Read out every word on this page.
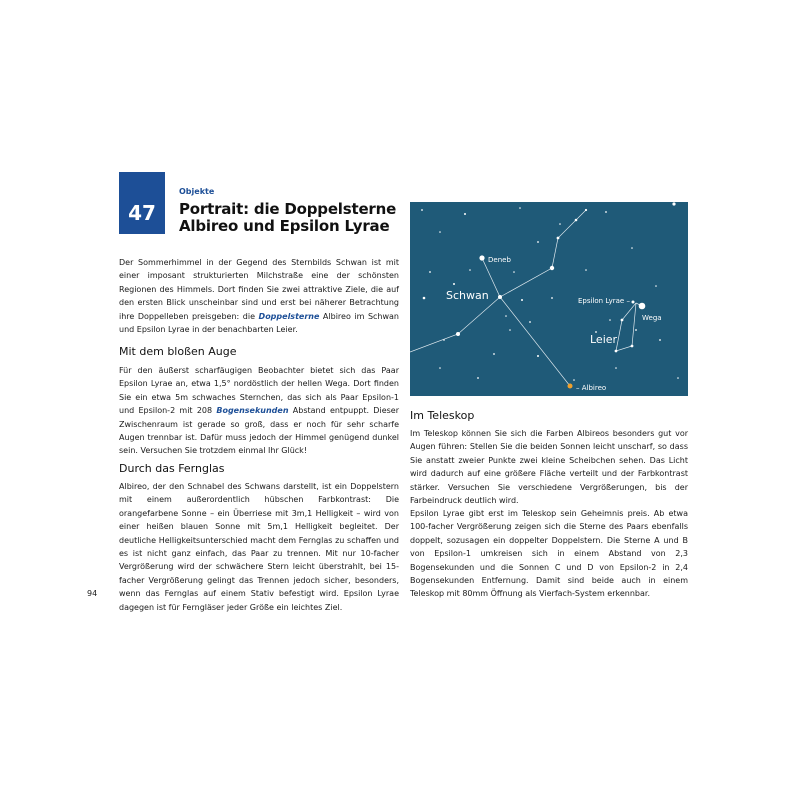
47
Objekte
Portrait: die Doppelsterne
Albireo und Epsilon Lyrae

Der Sommerhimmel in der Gegend des Sternbilds Schwan ist mit einer imposant strukturierten Milchstraße eine der schönsten Regionen des Himmels. Dort finden Sie zwei attraktive Ziele, die auf den ersten Blick unscheinbar sind und erst bei näherer Betrachtung ihre Doppelleben preisgeben: die Doppelsterne Albireo im Schwan und Epsilon Lyrae in der benachbarten Leier.

Mit dem bloßen Auge

Für den äußerst scharfäugigen Beobachter bietet sich das Paar Epsilon Lyrae an, etwa 1,5° nordöstlich der hellen Wega. Dort finden Sie ein etwa 5m schwaches Sternchen, das sich als Paar Epsilon-1 und Epsilon-2 mit 208 Bogensekunden Abstand entpuppt. Dieser Zwischenraum ist gerade so groß, dass er noch für sehr scharfe Augen trennbar ist. Dafür muss jedoch der Himmel genügend dunkel sein. Versuchen Sie trotzdem einmal Ihr Glück!

Durch das Fernglas

Albireo, der den Schnabel des Schwans darstellt, ist ein Doppelstern mit einem außerordentlich hübschen Farbkontrast: Die orangefarbene Sonne – ein Überriese mit 3m,1 Helligkeit – wird von einer heißen blauen Sonne mit 5m,1 Helligkeit begleitet. Der deutliche Helligkeitsunterschied macht dem Fernglas zu schaffen und es ist nicht ganz einfach, das Paar zu trennen. Mit nur 10-facher Vergrößerung wird der schwächere Stern leicht überstrahlt, bei 15-facher Vergrößerung gelingt das Trennen jedoch sicher, besonders, wenn das Fernglas auf einem Stativ befestigt wird. Epsilon Lyrae dagegen ist für Ferngläser jeder Größe ein leichtes Ziel.

94
Deneb
Schwan	Epsilon Lyrae –
Wega
Leier
– Albireo
Im Teleskop

Im Teleskop können Sie sich die Farben Albireos besonders gut vor Augen führen: Stellen Sie die beiden Sonnen leicht unscharf, so dass Sie anstatt zweier Punkte zwei kleine Scheibchen sehen. Das Licht wird dadurch auf eine größere Fläche verteilt und der Farbkontrast stärker. Versuchen Sie verschiedene Vergrößerungen, bis der Farbeindruck deutlich wird.

Epsilon Lyrae gibt erst im Teleskop sein Geheimnis preis. Ab etwa 100-facher Vergrößerung zeigen sich die Sterne des Paars ebenfalls doppelt, sozusagen ein doppelter Doppelstern. Die Sterne A und B von Epsilon-1 umkreisen sich in einem Abstand von 2,3 Bogensekunden und die Sonnen C und D von Epsilon-2 in 2,4 Bogensekunden Entfernung. Damit sind beide auch in einem Teleskop mit 80mm Öffnung als Vierfach-System erkennbar.
